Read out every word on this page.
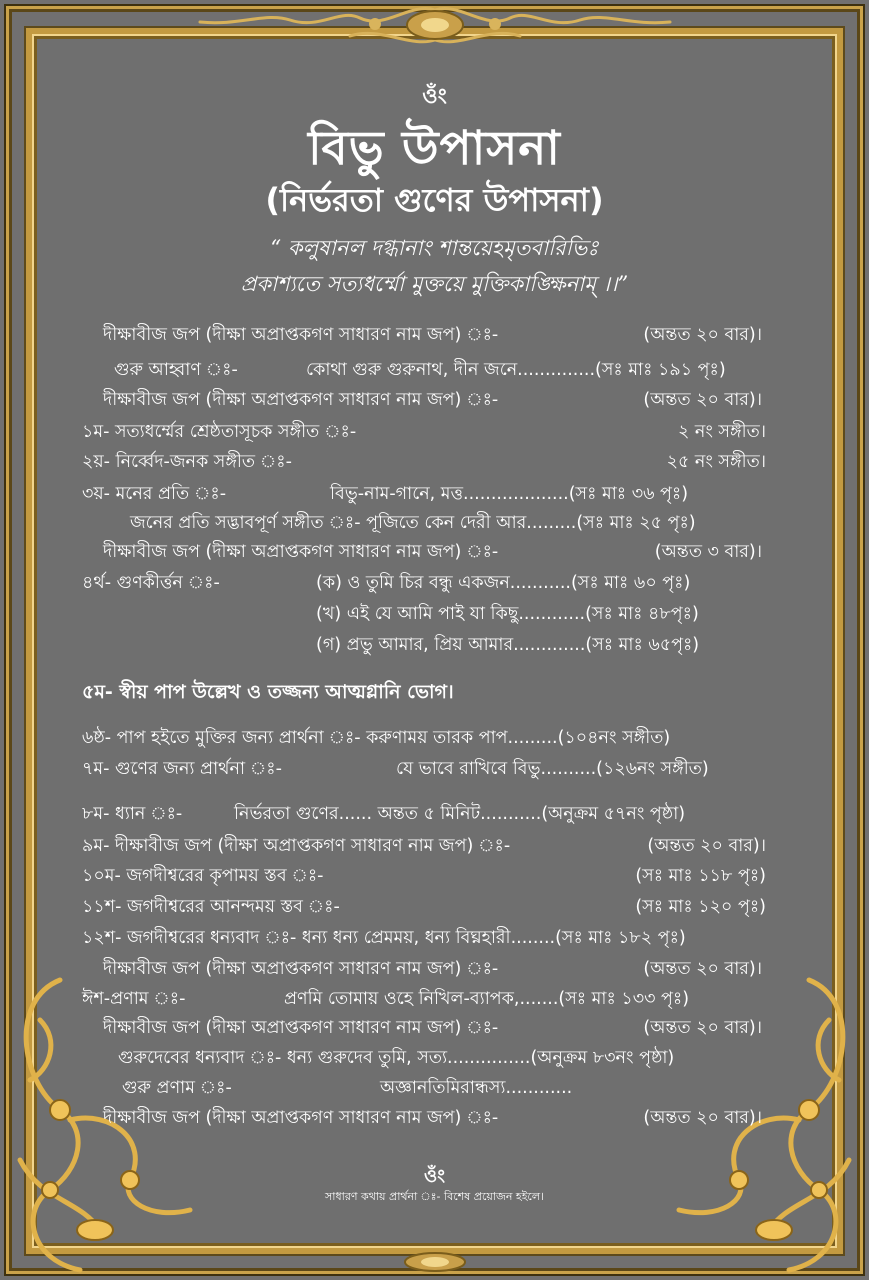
ওঁং
বিভু উপাসনা
(নির্ভরতা গুণের উপাসনা)
“ কলুষানল দগ্ধানাং শান্তয়েহমৃতবারিভিঃ
প্রকাশ্যতে সত্যধর্ম্মো মুক্তয়ে মুক্তিকাঙ্ক্ষিনাম্ ।।”
দীক্ষাবীজ জপ (দীক্ষা অপ্রাপ্তকগণ সাধারণ নাম জপ) ঃ-	(অন্তত ২০ বার)।
গুরু আহ্বাণ ঃ-	কোথা গুরু গুরুনাথ, দীন জনে..............(সঃ মাঃ ১৯১ পৃঃ)
দীক্ষাবীজ জপ (দীক্ষা অপ্রাপ্তকগণ সাধারণ নাম জপ) ঃ-	(অন্তত ২০ বার)।
১ম- সত্যধর্ম্মের শ্রেষ্ঠতাসূচক সঙ্গীত ঃ-	২ নং সঙ্গীত।
২য়- নির্ব্বেদ-জনক সঙ্গীত ঃ-	২৫ নং সঙ্গীত।
৩য়- মনের প্রতি ঃ-	বিভু-নাম-গানে, মত্ত...................(সঃ মাঃ ৩৬ পৃঃ)
জনের প্রতি সদ্ভাবপূর্ণ সঙ্গীত ঃ- পূজিতে কেন দেরী আর.........(সঃ মাঃ ২৫ পৃঃ)
দীক্ষাবীজ জপ (দীক্ষা অপ্রাপ্তকগণ সাধারণ নাম জপ) ঃ-	(অন্তত ৩ বার)।
৪র্থ- গুণকীর্ত্তন ঃ-	(ক) ও তুমি চির বন্ধু একজন...........(সঃ মাঃ ৬০ পৃঃ)
(খ) এই যে আমি পাই যা কিছু............(সঃ মাঃ ৪৮পৃঃ)
(গ) প্রভু আমার, প্রিয় আমার.............(সঃ মাঃ ৬৫পৃঃ)
৫ম- স্বীয় পাপ উল্লেখ ও তজ্জন্য আত্মগ্লানি ভোগ।
৬ষ্ঠ- পাপ হইতে মুক্তির জন্য প্রার্থনা ঃ- করুণাময় তারক পাপ.........(১০৪নং সঙ্গীত)
৭ম- গুণের জন্য প্রার্থনা ঃ-	যে ভাবে রাখিবে বিভু..........(১২৬নং সঙ্গীত)
৮ম- ধ্যান ঃ-	নির্ভরতা গুণের...... অন্তত ৫ মিনিট...........(অনুক্রম ৫৭নং পৃষ্ঠা)
৯ম- দীক্ষাবীজ জপ (দীক্ষা অপ্রাপ্তকগণ সাধারণ নাম জপ) ঃ-	(অন্তত ২০ বার)।
১০ম- জগদীশ্বরের কৃপাময় স্তব ঃ-	(সঃ মাঃ ১১৮ পৃঃ)
১১শ- জগদীশ্বরের আনন্দময় স্তব ঃ-	(সঃ মাঃ ১২০ পৃঃ)
১২শ- জগদীশ্বরের ধন্যবাদ ঃ- ধন্য ধন্য প্রেমময়, ধন্য বিঘ্নহারী........(সঃ মাঃ ১৮২ পৃঃ)
দীক্ষাবীজ জপ (দীক্ষা অপ্রাপ্তকগণ সাধারণ নাম জপ) ঃ-	(অন্তত ২০ বার)।
ঈশ-প্রণাম ঃ-	প্রণমি তোমায় ওহে নিখিল-ব্যাপক,.......(সঃ মাঃ ১৩৩ পৃঃ)
দীক্ষাবীজ জপ (দীক্ষা অপ্রাপ্তকগণ সাধারণ নাম জপ) ঃ-	(অন্তত ২০ বার)।
গুরুদেবের ধন্যবাদ ঃ- ধন্য গুরুদেব তুমি, সত্য...............(অনুক্রম ৮৩নং পৃষ্ঠা)
গুরু প্রণাম ঃ-	অজ্ঞানতিমিরান্ধস্য............
দীক্ষাবীজ জপ (দীক্ষা অপ্রাপ্তকগণ সাধারণ নাম জপ) ঃ-	(অন্তত ২০ বার)।
ওঁং
সাধারণ কথায় প্রার্থনা ঃ- বিশেষ প্রয়োজন হইলে।
